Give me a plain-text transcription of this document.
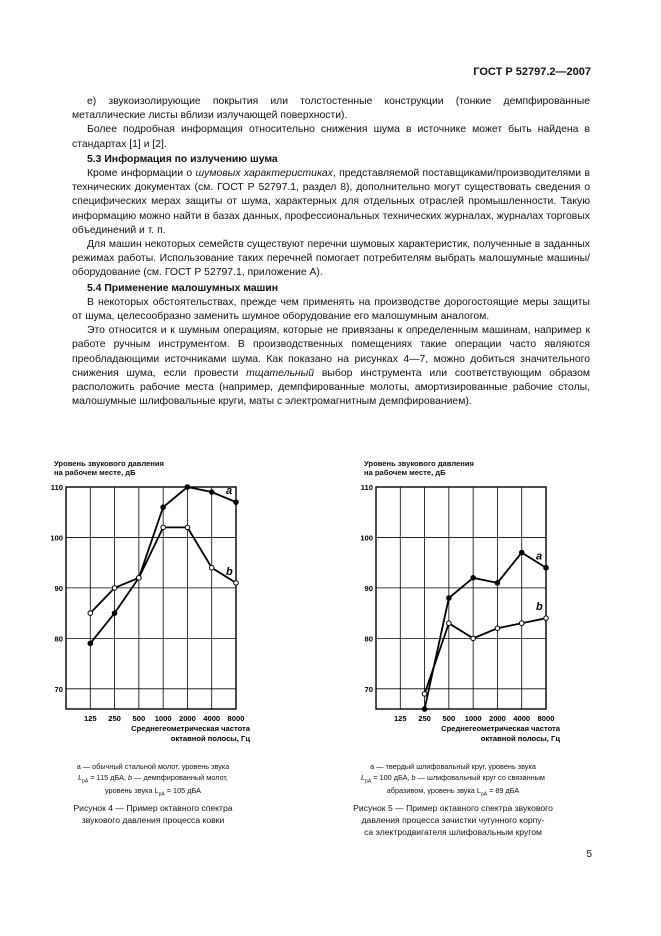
ГОСТ Р 52797.2—2007

е) звукоизолирующие покрытия или толстостенные конструкции (тонкие демпфированные металлические листы вблизи излучающей поверхности).

Более подробная информация относительно снижения шума в источнике может быть найдена в стандартах [1] и [2].

5.3 Информация по излучению шума

Кроме информации о шумовых характеристиках, представляемой поставщиками/производителями в технических документах (см. ГОСТ Р 52797.1, раздел 8), дополнительно могут существовать сведения о специфических мерах защиты от шума, характерных для отдельных отраслей промышленности. Такую информацию можно найти в базах данных, профессиональных технических журналах, журналах торговых объединений и т. п.

Для машин некоторых семейств существуют перечни шумовых характеристик, полученные в заданных режимах работы. Использование таких перечней помогает потребителям выбрать малошумные машины/оборудование (см. ГОСТ Р 52797.1, приложение А).

5.4 Применение малошумных машин

В некоторых обстоятельствах, прежде чем применять на производстве дорогостоящие меры защиты от шума, целесообразно заменить шумное оборудование его малошумным аналогом.

Это относится и к шумным операциям, которые не привязаны к определенным машинам, например к работе ручным инструментом. В производственных помещениях такие операции часто являются преобладающими источниками шума. Как показано на рисунках 4—7, можно добиться значительного снижения шума, если провести тщательный выбор инструмента или соответствующим образом расположить рабочие места (например, демпфированные молоты, амортизированные рабочие столы, малошумные шлифовальные круги, маты с электромагнитным демпфированием).

Уровень звукового давления
на рабочем месте, дБ
125 250 500 1000 2000 4000 8000
70
80
90
100
110
Среднегеометрическая частота
октавной полосы, Гц
a
b
а — обычный стальной молот, уровень звука
$L_{pA} = 115$ дБА, b — демпфированный молот,
уровень звука $L_{pA} = 105$ дБА
Рисунок 4 — Пример октавного спектра
звукового давления процесса ковки
Уровень звукового давления
на рабочем месте, дБ
125 250 500 1000 2000 4000 8000
70
80
90
100
110
Среднегеометрическая частота
октавной полосы, Гц
a
b
а — твердый шлифовальный круг, уровень звука
$L_{pA} = 100$ дБА, b — шлифовальный круг со связанным
абразивом, уровень звука $L_{pA} = 89$ дБА
Рисунок 5 — Пример октавного спектра звукового
давления процесса зачистки чугунного корпу-
са электродвигателя шлифовальным кругом
5
